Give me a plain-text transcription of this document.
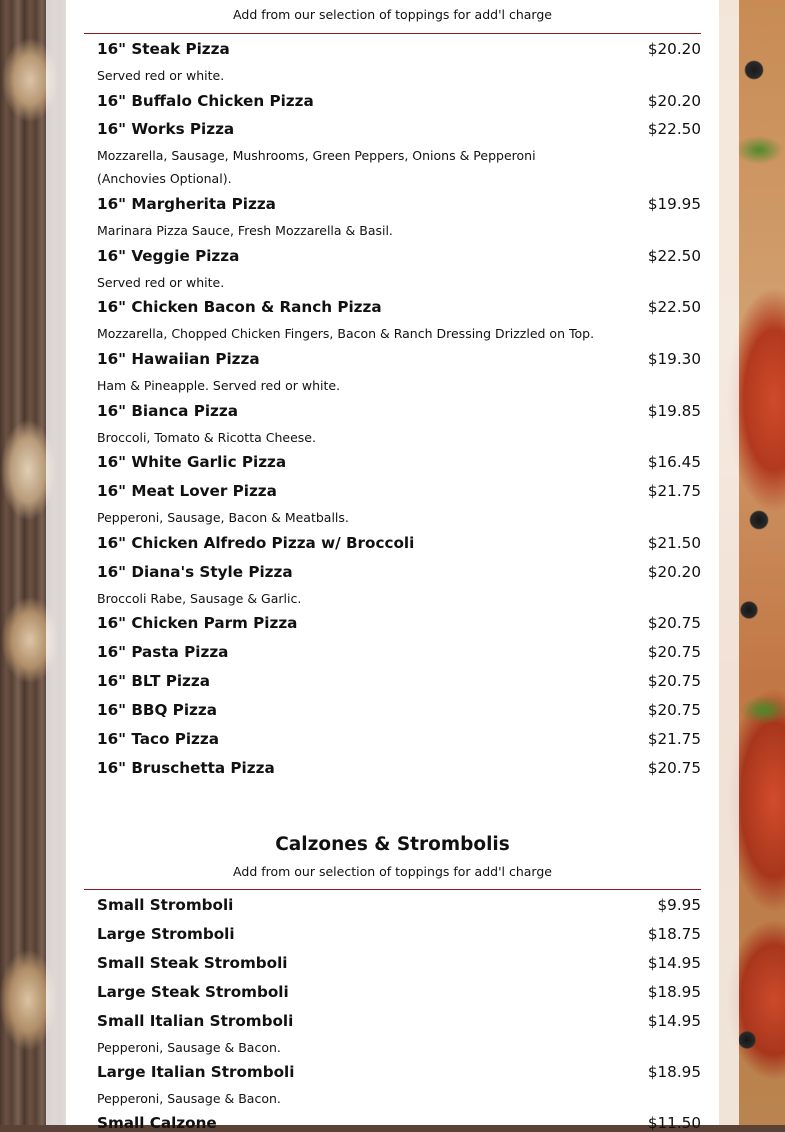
Add from our selection of toppings for add'l charge
16" Steak Pizza	$20.20
Served red or white.
16" Buffalo Chicken Pizza	$20.20
16" Works Pizza	$22.50
Mozzarella, Sausage, Mushrooms, Green Peppers, Onions & Pepperoni (Anchovies Optional).
16" Margherita Pizza	$19.95
Marinara Pizza Sauce, Fresh Mozzarella & Basil.
16" Veggie Pizza	$22.50
Served red or white.
16" Chicken Bacon & Ranch Pizza	$22.50
Mozzarella, Chopped Chicken Fingers, Bacon & Ranch Dressing Drizzled on Top.
16" Hawaiian Pizza	$19.30
Ham & Pineapple. Served red or white.
16" Bianca Pizza	$19.85
Broccoli, Tomato & Ricotta Cheese.
16" White Garlic Pizza	$16.45
16" Meat Lover Pizza	$21.75
Pepperoni, Sausage, Bacon & Meatballs.
16" Chicken Alfredo Pizza w/ Broccoli	$21.50
16" Diana's Style Pizza	$20.20
Broccoli Rabe, Sausage & Garlic.
16" Chicken Parm Pizza	$20.75
16" Pasta Pizza	$20.75
16" BLT Pizza	$20.75
16" BBQ Pizza	$20.75
16" Taco Pizza	$21.75
16" Bruschetta Pizza	$20.75
Calzones & Strombolis
Add from our selection of toppings for add'l charge
Small Stromboli	$9.95
Large Stromboli	$18.75
Small Steak Stromboli	$14.95
Large Steak Stromboli	$18.95
Small Italian Stromboli	$14.95
Pepperoni, Sausage & Bacon.
Large Italian Stromboli	$18.95
Pepperoni, Sausage & Bacon.
Small Calzone	$11.50
